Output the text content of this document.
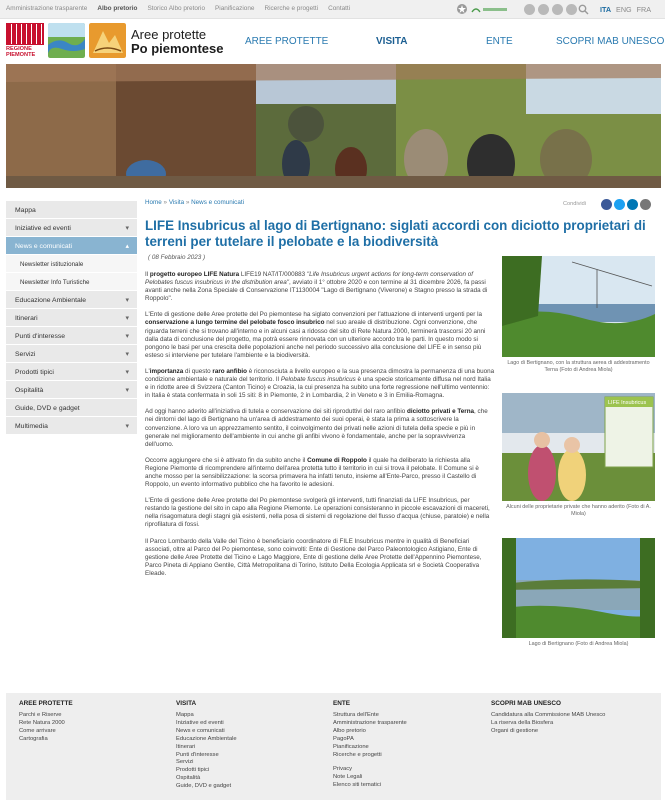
Amministrazione trasparente Albo pretorio Storico Albo pretorio Pianificazione Ricerche e progetti Contatti	ITA ENG FRA
REGIONE PIEMONTE
Aree protette
Po piemontese AREE PROTETTE	VISITA	ENTE	SCOPRI MAB UNESCO
Mappa
Iniziative ed eventi	▾
News e comunicati	▴
Newsletter istituzionale
Newsletter Info Turistiche
Educazione Ambientale	▾
Itinerari	▾
Punti d'interesse	▾
Servizi	▾
Prodotti tipici	▾
Ospitalità	▾
Guide, DVD e gadget
Multimedia	▾
Home » Visita » News e comunicati	Condividi
LIFE Insubricus al lago di Bertignano: siglati accordi con diciotto proprietari di terreni per tutelare il pelobate e la biodiversità
( 08 Febbraio 2023 )

Il progetto europeo LIFE Natura LIFE19 NAT/IT/000883 "Life Insubricus urgent actions for long-term conservation of Pelobates fuscus insubricus in the distribution area", avviato il 1° ottobre 2020 e con termine al 31 dicembre 2026, fa passi avanti anche nella Zona Speciale di Conservazione IT1130004 "Lago di Bertignano (Viverone) e Stagno presso la strada di Roppolo".

L'Ente di gestione delle Aree protette del Po piemontese ha siglato convenzioni per l'attuazione di interventi urgenti per la conservazione a lungo termine del pelobate fosco insubrico nel suo areale di distribuzione. Ogni convenzione, che riguarda terreni che si trovano all'interno e in alcuni casi a ridosso del sito di Rete Natura 2000, terminerà trascorsi 20 anni dalla data di conclusione del progetto, ma potrà essere rinnovata con un ulteriore accordo tra le parti. In questo modo si pongono le basi per una crescita delle popolazioni anche nel periodo successivo alla conclusione del LIFE e in senso più esteso si interviene per tutelare l'ambiente e la biodiversità.

L'importanza di questo raro anfibio è riconosciuta a livello europeo e la sua presenza dimostra la permanenza di una buona condizione ambientale e naturale del territorio. Il Pelobate fuscus insubricus è una specie storicamente diffusa nel nord Italia e in ridotte aree di Svizzera (Canton Ticino) e Croazia, la cui presenza ha subito una forte regressione nell'ultimo ventennio: in Italia è stata confermata in soli 15 siti: 8 in Piemonte, 2 in Lombardia, 2 in Veneto e 3 in Emilia-Romagna.

Ad oggi hanno aderito all'iniziativa di tutela e conservazione dei siti riproduttivi del raro anfibio diciotto privati e Terna, che nei dintorni del lago di Bertignano ha un'area di addestramento dei suoi operai, è stata la prima a sottoscrivere la convenzione. A loro va un apprezzamento sentito, il coinvolgimento dei privati nelle azioni di tutela della specie e più in generale nel miglioramento dell'ambiente in cui anche gli anfibi vivono è fondamentale, anche per la sopravvivenza dell'uomo.

Occorre aggiungere che si è attivato fin da subito anche il Comune di Roppolo il quale ha deliberato la richiesta alla Regione Piemonte di ricomprendere all'interno dell'area protetta tutto il territorio in cui si trova il pelobate. Il Comune si è anche mosso per la sensibilizzazione: la scorsa primavera ha infatti tenuto, insieme all'Ente-Parco, presso il Castello di Roppolo, un evento informativo pubblico che ha favorito le adesioni.

L'Ente di gestione delle Aree protette del Po piemontese svolgerà gli interventi, tutti finanziati da LIFE Insubricus, per restando la gestione del sito in capo alla Regione Piemonte. Le operazioni consisteranno in piccole escavazioni di macereti, nella risagomatura degli stagni già esistenti, nella posa di sistemi di regolazione del flusso d'acqua (chiuse, paratoie) e nella riprofilatura di fossi.

Il Parco Lombardo della Valle del Ticino è beneficiario coordinatore di FILE Insubricus mentre in qualità di Beneficiari associati, oltre al Parco del Po piemontese, sono coinvolti: Ente di Gestione del Parco Paleontologico Astigiano, Ente di gestione delle Aree Protette del Ticino e Lago Maggiore, Ente di gestione delle Aree Protette dell'Appennino Piemontese, Parco Pineta di Appiano Gentile, Città Metropolitana di Torino, Istituto Della Ecologia Applicata srl e Società Cooperativa Eleade.

Lago di Bertignano, con la struttura aerea di addestramento Terna (Foto di Andrea Miola)
LIFE Insubricus
Alcuni delle proprietarie private che hanno aderito (Foto di A. Miola)
Lago di Bertignano (Foto di Andrea Miola)
AREE PROTETTE
Parchi e Riserve
Rete Natura 2000
Come arrivare
Cartografia
VISITA
Mappa
Iniziative ed eventi
News e comunicati
Educazione Ambientale
Itinerari
Punti d'interesse
Servizi
Prodotti tipici
Ospitalità
Guide, DVD e gadget
ENTE
Struttura dell'Ente
Amministrazione trasparente
Albo pretorio
PagoPA
Pianificazione
Ricerche e progetti
Privacy
Note Legali
Elenco siti tematici
SCOPRI MAB UNESCO
Candidatura alla Commissione MAB Unesco
La riserva della Biosfera
Organi di gestione
